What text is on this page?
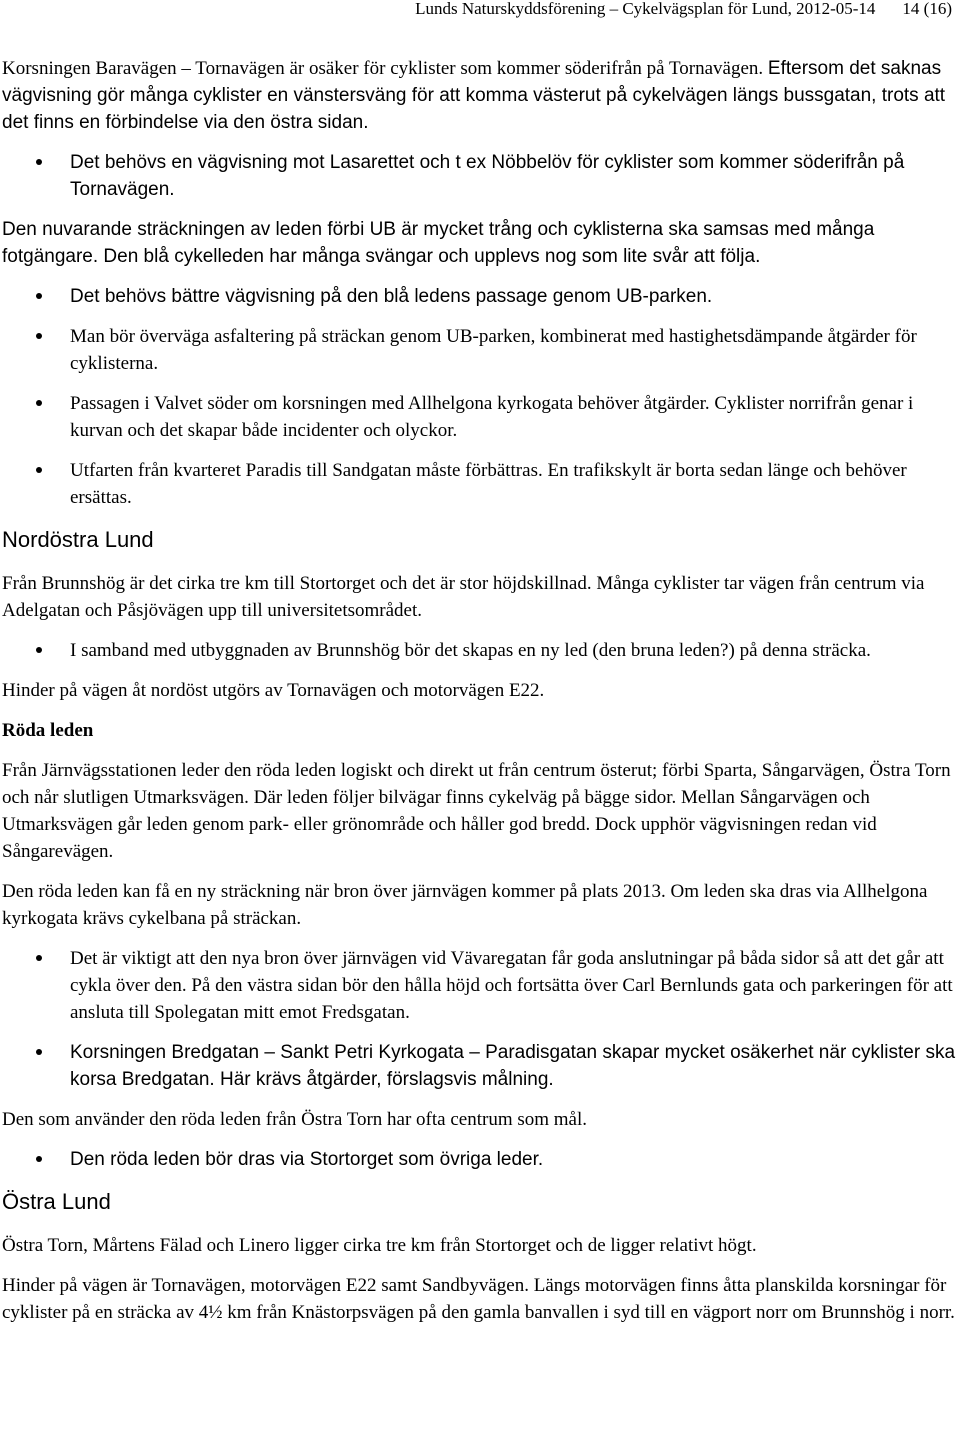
Lunds Naturskyddsförening – Cykelvägsplan för Lund, 2012-05-14 14 (16)

Korsningen Baravägen – Tornavägen är osäker för cyklister som kommer söderifrån på Tornavägen. Eftersom det saknas vägvisning gör många cyklister en vänstersväng för att komma västerut på cykelvägen längs bussgatan, trots att det finns en förbindelse via den östra sidan.

Det behövs en vägvisning mot Lasarettet och t ex Nöbbelöv för cyklister som kommer söderifrån på Tornavägen.

Den nuvarande sträckningen av leden förbi UB är mycket trång och cyklisterna ska samsas med många fotgängare. Den blå cykelleden har många svängar och upplevs nog som lite svår att följa.

Det behövs bättre vägvisning på den blå ledens passage genom UB-parken.
Man bör överväga asfaltering på sträckan genom UB-parken, kombinerat med hastighetsdämpande åtgärder för cyklisterna.
Passagen i Valvet söder om korsningen med Allhelgona kyrkogata behöver åtgärder. Cyklister norrifrån genar i kurvan och det skapar både incidenter och olyckor.
Utfarten från kvarteret Paradis till Sandgatan måste förbättras. En trafikskylt är borta sedan länge och behöver ersättas.
Nordöstra Lund

Från Brunnshög är det cirka tre km till Stortorget och det är stor höjdskillnad. Många cyklister tar vägen från centrum via Adelgatan och Påsjövägen upp till universitetsområdet.

I samband med utbyggnaden av Brunnshög bör det skapas en ny led (den bruna leden?) på denna sträcka.

Hinder på vägen åt nordöst utgörs av Tornavägen och motorvägen E22.

Röda leden

Från Järnvägsstationen leder den röda leden logiskt och direkt ut från centrum österut; förbi Sparta, Sångarvägen, Östra Torn och når slutligen Utmarksvägen. Där leden följer bilvägar finns cykelväg på bägge sidor. Mellan Sångarvägen och Utmarksvägen går leden genom park- eller grönområde och håller god bredd. Dock upphör vägvisningen redan vid Sångarevägen.

Den röda leden kan få en ny sträckning när bron över järnvägen kommer på plats 2013. Om leden ska dras via Allhelgona kyrkogata krävs cykelbana på sträckan.

Det är viktigt att den nya bron över järnvägen vid Vävaregatan får goda anslutningar på båda sidor så att det går att cykla över den. På den västra sidan bör den hålla höjd och fortsätta över Carl Bernlunds gata och parkeringen för att ansluta till Spolegatan mitt emot Fredsgatan.
Korsningen Bredgatan – Sankt Petri Kyrkogata – Paradisgatan skapar mycket osäkerhet när cyklister ska korsa Bredgatan. Här krävs åtgärder, förslagsvis målning.

Den som använder den röda leden från Östra Torn har ofta centrum som mål.

Den röda leden bör dras via Stortorget som övriga leder.
Östra Lund

Östra Torn, Mårtens Fälad och Linero ligger cirka tre km från Stortorget och de ligger relativt högt.

Hinder på vägen är Tornavägen, motorvägen E22 samt Sandbyvägen. Längs motorvägen finns åtta planskilda korsningar för cyklister på en sträcka av 4½ km från Knästorpsvägen på den gamla banvallen i syd till en vägport norr om Brunnshög i norr.
